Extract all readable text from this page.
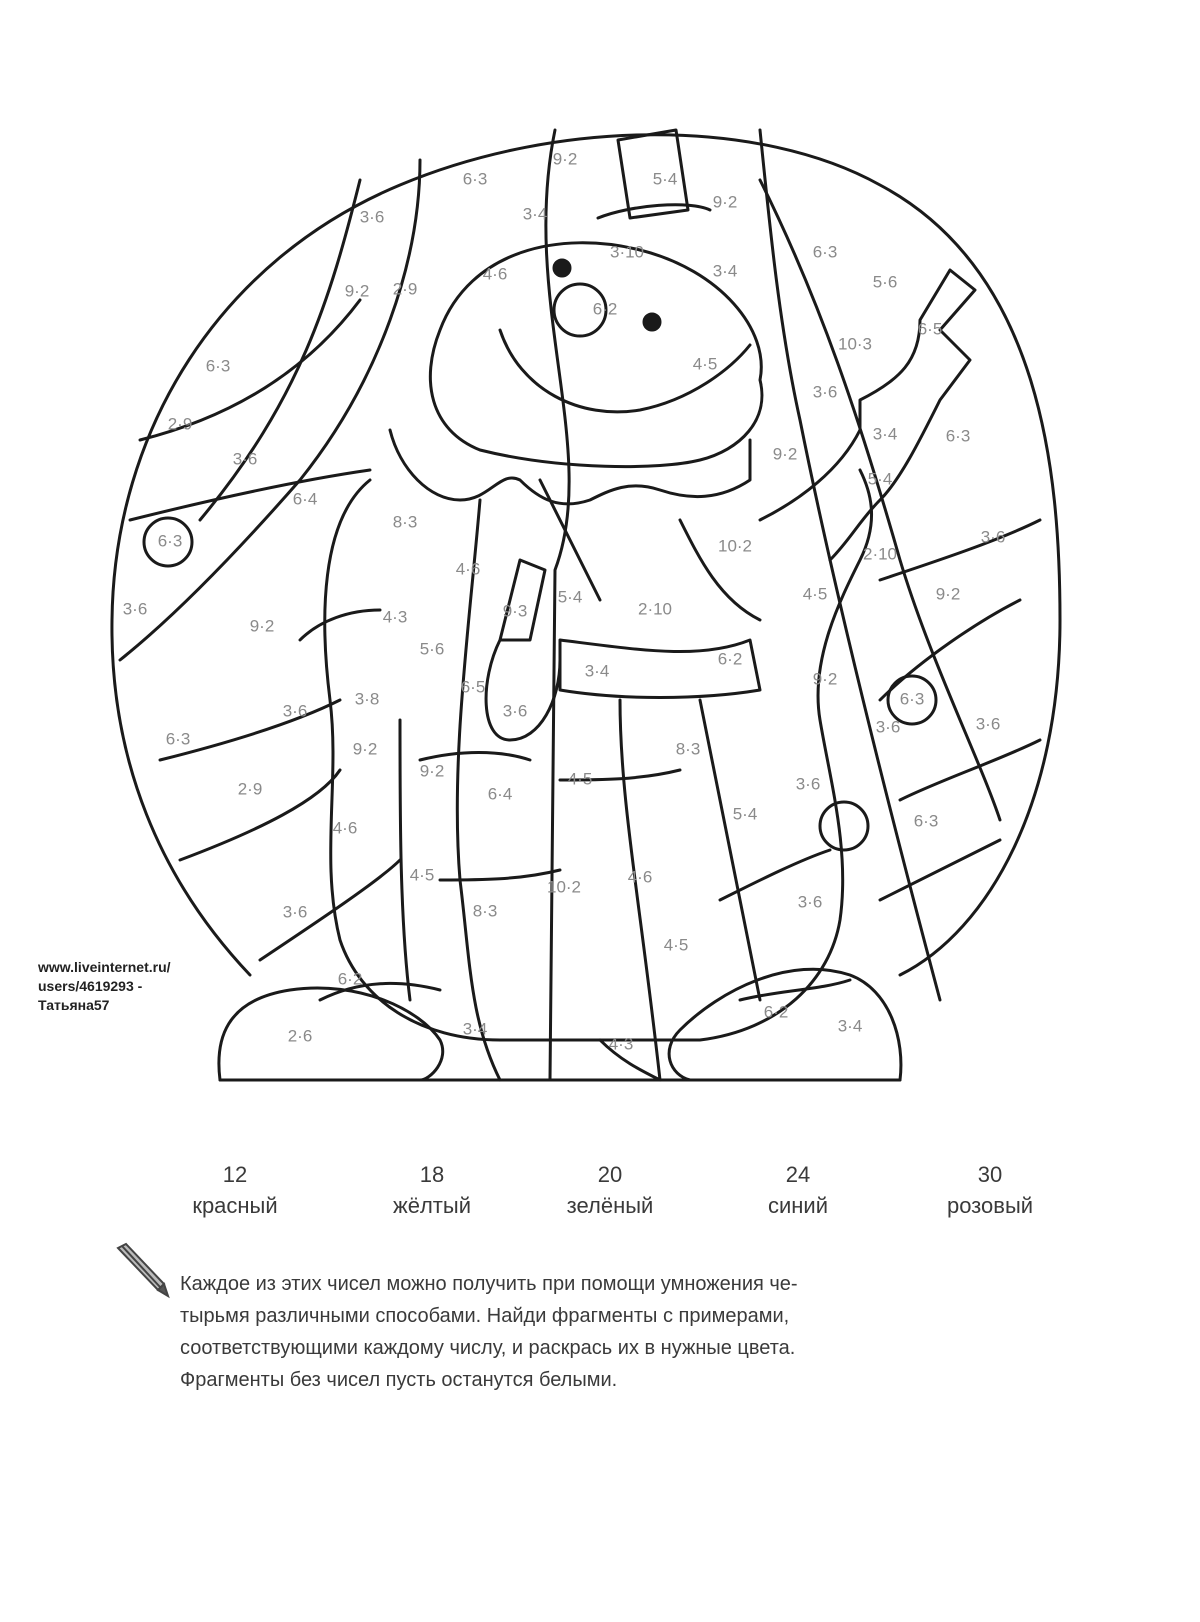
9·2
5·4
9·2
6·3
3·6	3·4
3·10
3·4
6·3
5·6
4·6
9·2 2·9
6·2
6·5
10·3
4·5
6·3
3·6
2·9
3·6
3·4	6·3
9·2
5·4
6·4
8·3
6·3	10·2	2·10
3·6
4·6
3·6
9·2	4·3	9·3
5·4
2·10
4·5	9·2
5·6
3·4
6·2
6·5	9·2
3·8
3·6	3·6
6·3
3·6
6·3
3·6
9·2	8·3
4·5
6·4
2·9	3·6
5·4
4·6
9·2
6·3
4·5
10·2
4·6
3·6
3·6
8·3
4·5
6·2
6·2
3·4
2·6	3·4
4·3
www.liveinternet.ru/
users/4619293 -
Татьяна57
12
красный
18
жёлтый
20
зелёный
24
синий
30
розовый
Каждое из этих чисел можно получить при помощи умножения че-
тырьмя различными способами. Найди фрагменты с примерами,
соответствующими каждому числу, и раскрась их в нужные цвета.
Фрагменты без чисел пусть останутся белыми.
